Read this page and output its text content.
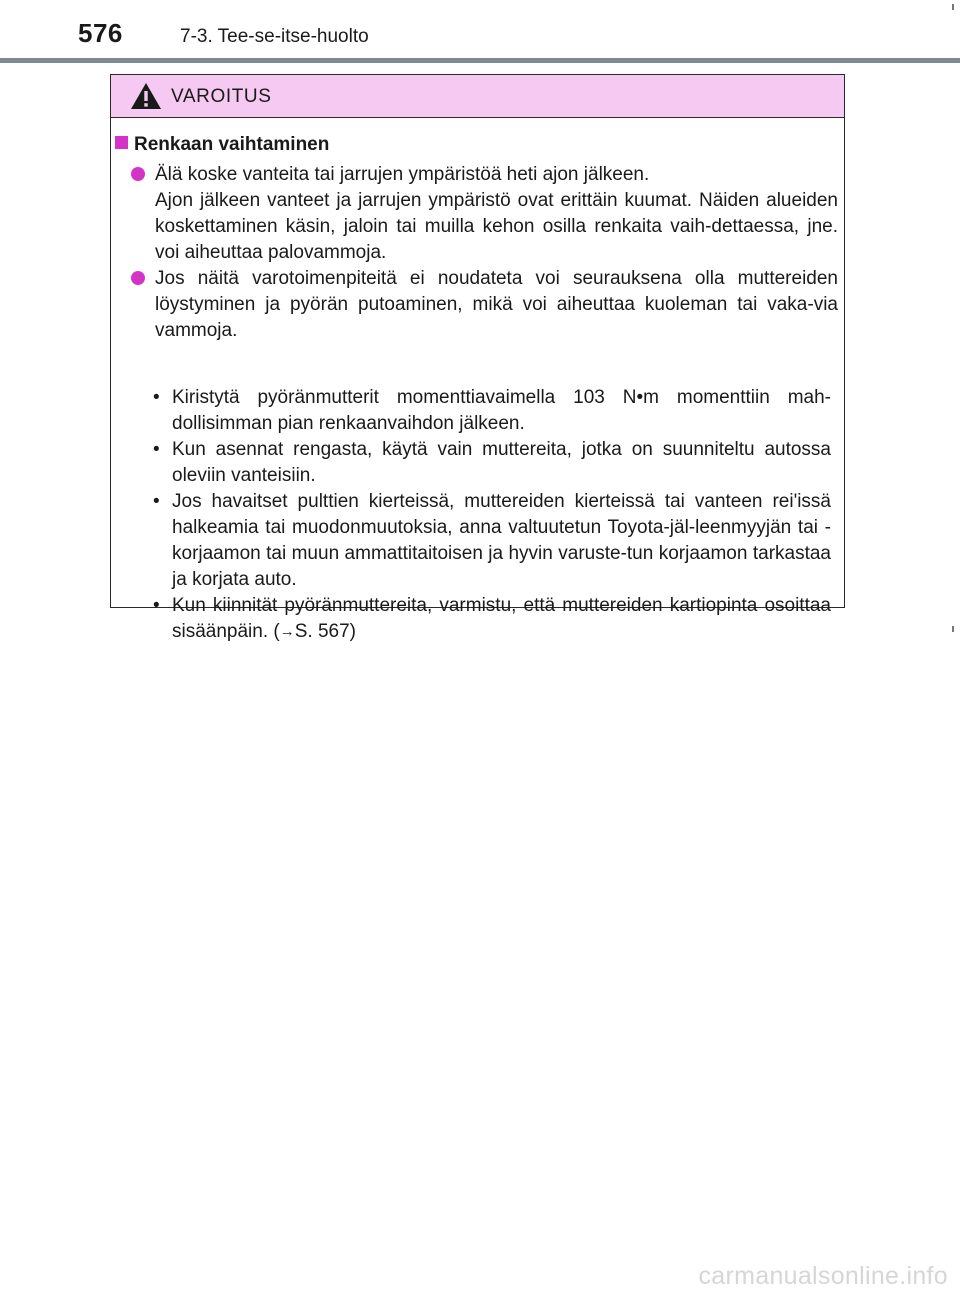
576	7-3. Tee-se-itse-huolto
VAROITUS
Renkaan vaihtaminen
Älä koske vanteita tai jarrujen ympäristöä heti ajon jälkeen.
Ajon jälkeen vanteet ja jarrujen ympäristö ovat erittäin kuumat. Näiden alueiden koskettaminen käsin, jaloin tai muilla kehon osilla renkaita vaih-dettaessa, jne. voi aiheuttaa palovammoja.
Jos näitä varotoimenpiteitä ei noudateta voi seurauksena olla muttereiden löystyminen ja pyörän putoaminen, mikä voi aiheuttaa kuoleman tai vaka-via vammoja.
• Kiristytä pyöränmutterit momenttiavaimella 103 N•m momenttiin mah-dollisimman pian renkaanvaihdon jälkeen.
• Kun asennat rengasta, käytä vain muttereita, jotka on suunniteltu autossa oleviin vanteisiin.
• Jos havaitset pulttien kierteissä, muttereiden kierteissä tai vanteen rei'issä halkeamia tai muodonmuutoksia, anna valtuutetun Toyota-jäl-leenmyyjän tai -korjaamon tai muun ammattitaitoisen ja hyvin varuste-tun korjaamon tarkastaa ja korjata auto.
• Kun kiinnität pyöränmuttereita, varmistu, että muttereiden kartiopinta osoittaa sisäänpäin. (→S. 567)
carmanualsonline.info
